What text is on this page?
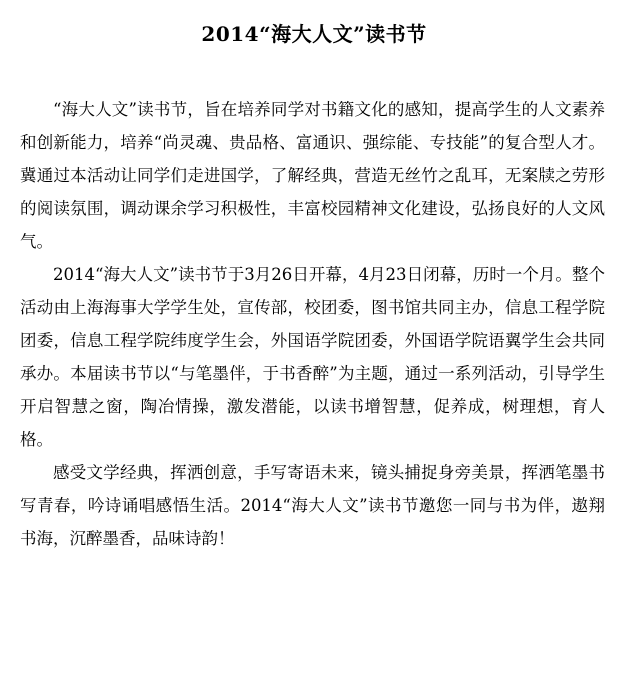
2014“海大人文”读书节

“海大人文”读书节，旨在培养同学对书籍文化的感知，提高学生的人文素养和创新能力，培养“尚灵魂、贵品格、富通识、强综能、专技能”的复合型人才。冀通过本活动让同学们走进国学，了解经典，营造无丝竹之乱耳，无案牍之劳形的阅读氛围，调动课余学习积极性，丰富校园精神文化建设，弘扬良好的人文风气。

2014“海大人文”读书节于3月26日开幕，4月23日闭幕，历时一个月。整个活动由上海海事大学学生处，宣传部，校团委，图书馆共同主办，信息工程学院团委，信息工程学院纬度学生会，外国语学院团委，外国语学院语翼学生会共同承办。本届读书节以“与笔墨伴，于书香醉”为主题，通过一系列活动，引导学生开启智慧之窗，陶冶情操，激发潜能，以读书增智慧，促养成，树理想，育人格。

感受文学经典，挥洒创意，手写寄语未来，镜头捕捉身旁美景，挥洒笔墨书写青春，吟诗诵唱感悟生活。2014“海大人文”读书节邀您一同与书为伴，遨翔书海，沉醉墨香，品味诗韵！
